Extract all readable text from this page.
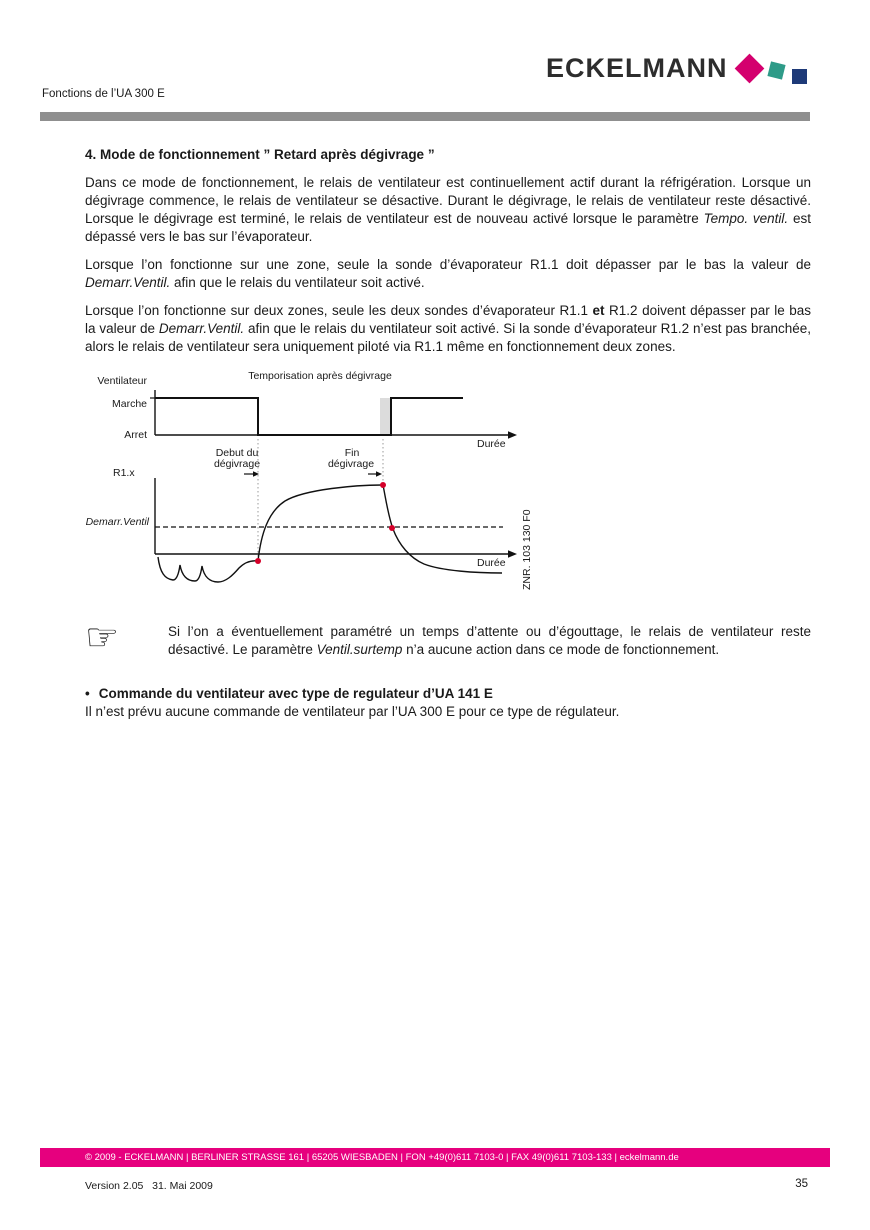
ECKELMANN
Fonctions de l’UA 300 E
4. Mode de fonctionnement ” Retard après dégivrage ”

Dans ce mode de fonctionnement, le relais de ventilateur est continuellement actif durant la réfrigération. Lorsque un dégivrage commence, le relais de ventilateur se désactive. Durant le dégivrage, le relais de ventilateur reste désactivé. Lorsque le dégivrage est terminé, le relais de ventilateur est de nouveau activé lorsque le paramètre Tempo. ventil. est dépassé vers le bas sur l’évaporateur.

Lorsque l’on fonctionne sur une zone, seule la sonde d’évaporateur R1.1 doit dépasser par le bas la valeur de Demarr.Ventil. afin que le relais du ventilateur soit activé.

Lorsque l’on fonctionne sur deux zones, seule les deux sondes d’évaporateur R1.1 et R1.2 doivent dépasser par le bas la valeur de Demarr.Ventil. afin que le relais du ventilateur soit activé. Si la sonde d’évaporateur R1.2 n’est pas branchée, alors le relais de ventilateur sera uniquement piloté via R1.1 même en fonctionnement deux zones.

Temporisation après dégivrage
Ventilateur
Marche
Arret
Durée
Debut du
dégivrage
Fin
dégivrage
R1.x
Durée
Demarr.Ventil	ZNR. 103 130 F0
☞	Si l’on a éventuellement paramétré un temps d’attente ou d’égouttage, le relais de ventilateur reste désactivé. Le paramètre Ventil.surtemp n’a aucune action dans ce mode de fonctionnement.
• Commande du ventilateur avec type de regulateur d’UA 141 E

Il n’est prévu aucune commande de ventilateur par l’UA 300 E pour ce type de régulateur.

© 2009 - ECKELMANN | BERLINER STRASSE 161 | 65205 WIESBADEN | FON +49(0)611 7103-0 | FAX 49(0)611 7103-133 | eckelmann.de
Version 2.05   31. Mai 2009	35
